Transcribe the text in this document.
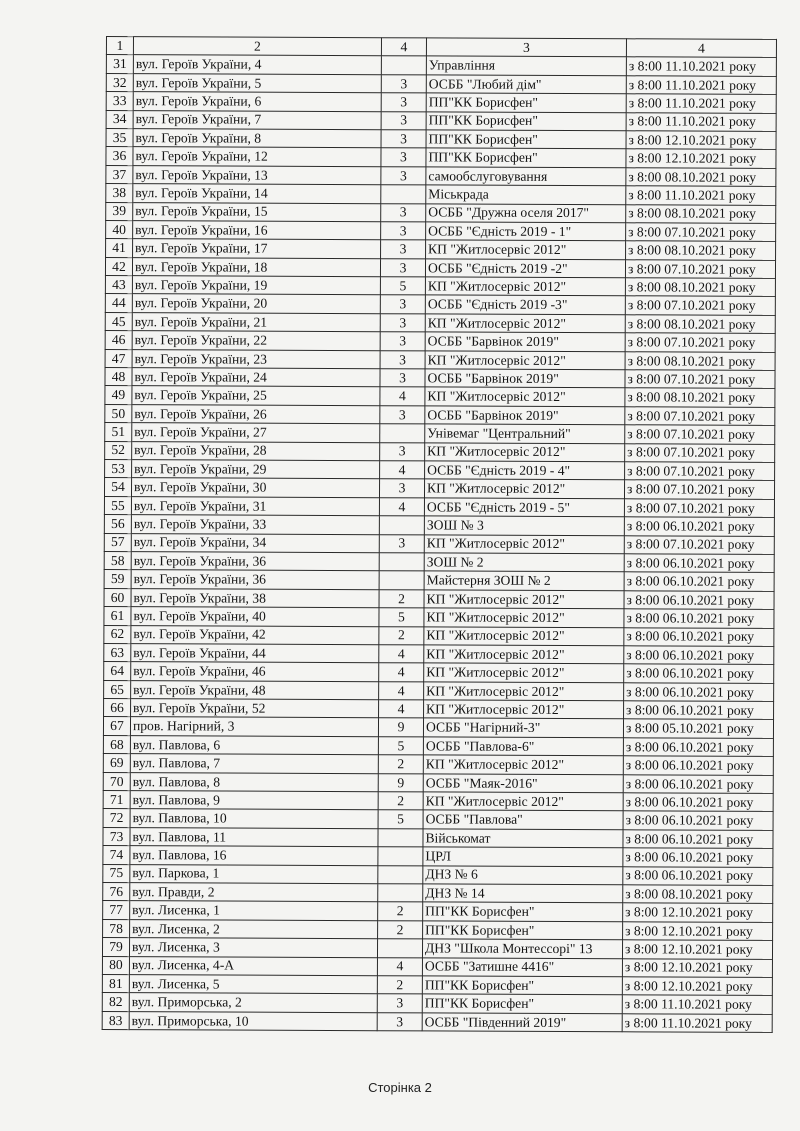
1	2	4	3	4
31	вул. Героїв України, 4		Управління	з 8:00 11.10.2021 року
32	вул. Героїв України, 5	3	ОСББ "Любий дім"	з 8:00 11.10.2021 року
33	вул. Героїв України, 6	3	ПП"КК Борисфен"	з 8:00 11.10.2021 року
34	вул. Героїв України, 7	3	ПП"КК Борисфен"	з 8:00 11.10.2021 року
35	вул. Героїв України, 8	3	ПП"КК Борисфен"	з 8:00 12.10.2021 року
36	вул. Героїв України, 12	3	ПП"КК Борисфен"	з 8:00 12.10.2021 року
37	вул. Героїв України, 13	3	самообслуговування	з 8:00 08.10.2021 року
38	вул. Героїв України, 14		Міськрада	з 8:00 11.10.2021 року
39	вул. Героїв України, 15	3	ОСББ "Дружна оселя 2017"	з 8:00 08.10.2021 року
40	вул. Героїв України, 16	3	ОСББ "Єдність 2019 - 1"	з 8:00 07.10.2021 року
41	вул. Героїв України, 17	3	КП "Житлосервіс 2012"	з 8:00 08.10.2021 року
42	вул. Героїв України, 18	3	ОСББ "Єдність 2019 -2"	з 8:00 07.10.2021 року
43	вул. Героїв України, 19	5	КП "Житлосервіс 2012"	з 8:00 08.10.2021 року
44	вул. Героїв України, 20	3	ОСББ "Єдність 2019 -3"	з 8:00 07.10.2021 року
45	вул. Героїв України, 21	3	КП "Житлосервіс 2012"	з 8:00 08.10.2021 року
46	вул. Героїв України, 22	3	ОСББ "Барвінок 2019"	з 8:00 07.10.2021 року
47	вул. Героїв України, 23	3	КП "Житлосервіс 2012"	з 8:00 08.10.2021 року
48	вул. Героїв України, 24	3	ОСББ "Барвінок 2019"	з 8:00 07.10.2021 року
49	вул. Героїв України, 25	4	КП "Житлосервіс 2012"	з 8:00 08.10.2021 року
50	вул. Героїв України, 26	3	ОСББ "Барвінок 2019"	з 8:00 07.10.2021 року
51	вул. Героїв України, 27		Унівемаг "Центральний"	з 8:00 07.10.2021 року
52	вул. Героїв України, 28	3	КП "Житлосервіс 2012"	з 8:00 07.10.2021 року
53	вул. Героїв України, 29	4	ОСББ "Єдність 2019 - 4"	з 8:00 07.10.2021 року
54	вул. Героїв України, 30	3	КП "Житлосервіс 2012"	з 8:00 07.10.2021 року
55	вул. Героїв України, 31	4	ОСББ "Єдність 2019 - 5"	з 8:00 07.10.2021 року
56	вул. Героїв України, 33		ЗОШ № 3	з 8:00 06.10.2021 року
57	вул. Героїв України, 34	3	КП "Житлосервіс 2012"	з 8:00 07.10.2021 року
58	вул. Героїв України, 36		ЗОШ № 2	з 8:00 06.10.2021 року
59	вул. Героїв України, 36		Майстерня ЗОШ № 2	з 8:00 06.10.2021 року
60	вул. Героїв України, 38	2	КП "Житлосервіс 2012"	з 8:00 06.10.2021 року
61	вул. Героїв України, 40	5	КП "Житлосервіс 2012"	з 8:00 06.10.2021 року
62	вул. Героїв України, 42	2	КП "Житлосервіс 2012"	з 8:00 06.10.2021 року
63	вул. Героїв України, 44	4	КП "Житлосервіс 2012"	з 8:00 06.10.2021 року
64	вул. Героїв України, 46	4	КП "Житлосервіс 2012"	з 8:00 06.10.2021 року
65	вул. Героїв України, 48	4	КП "Житлосервіс 2012"	з 8:00 06.10.2021 року
66	вул. Героїв України, 52	4	КП "Житлосервіс 2012"	з 8:00 06.10.2021 року
67	пров. Нагірний, 3	9	ОСББ "Нагірний-3"	з 8:00 05.10.2021 року
68	вул. Павлова, 6	5	ОСББ "Павлова-6"	з 8:00 06.10.2021 року
69	вул. Павлова, 7	2	КП "Житлосервіс 2012"	з 8:00 06.10.2021 року
70	вул. Павлова, 8	9	ОСББ "Маяк-2016"	з 8:00 06.10.2021 року
71	вул. Павлова, 9	2	КП "Житлосервіс 2012"	з 8:00 06.10.2021 року
72	вул. Павлова, 10	5	ОСББ "Павлова"	з 8:00 06.10.2021 року
73	вул. Павлова, 11		Військомат	з 8:00 06.10.2021 року
74	вул. Павлова, 16		ЦРЛ	з 8:00 06.10.2021 року
75	вул. Паркова, 1		ДНЗ № 6	з 8:00 06.10.2021 року
76	вул. Правди, 2		ДНЗ № 14	з 8:00 08.10.2021 року
77	вул. Лисенка, 1	2	ПП"КК Борисфен"	з 8:00 12.10.2021 року
78	вул. Лисенка, 2	2	ПП"КК Борисфен"	з 8:00 12.10.2021 року
79	вул. Лисенка, 3		ДНЗ "Школа Монтессорі" 13	з 8:00 12.10.2021 року
80	вул. Лисенка, 4-А	4	ОСББ "Затишне 4416"	з 8:00 12.10.2021 року
81	вул. Лисенка, 5	2	ПП"КК Борисфен"	з 8:00 12.10.2021 року
82	вул. Приморська, 2	3	ПП"КК Борисфен"	з 8:00 11.10.2021 року
83	вул. Приморська, 10	3	ОСББ "Південний 2019"	з 8:00 11.10.2021 року
Сторінка 2
